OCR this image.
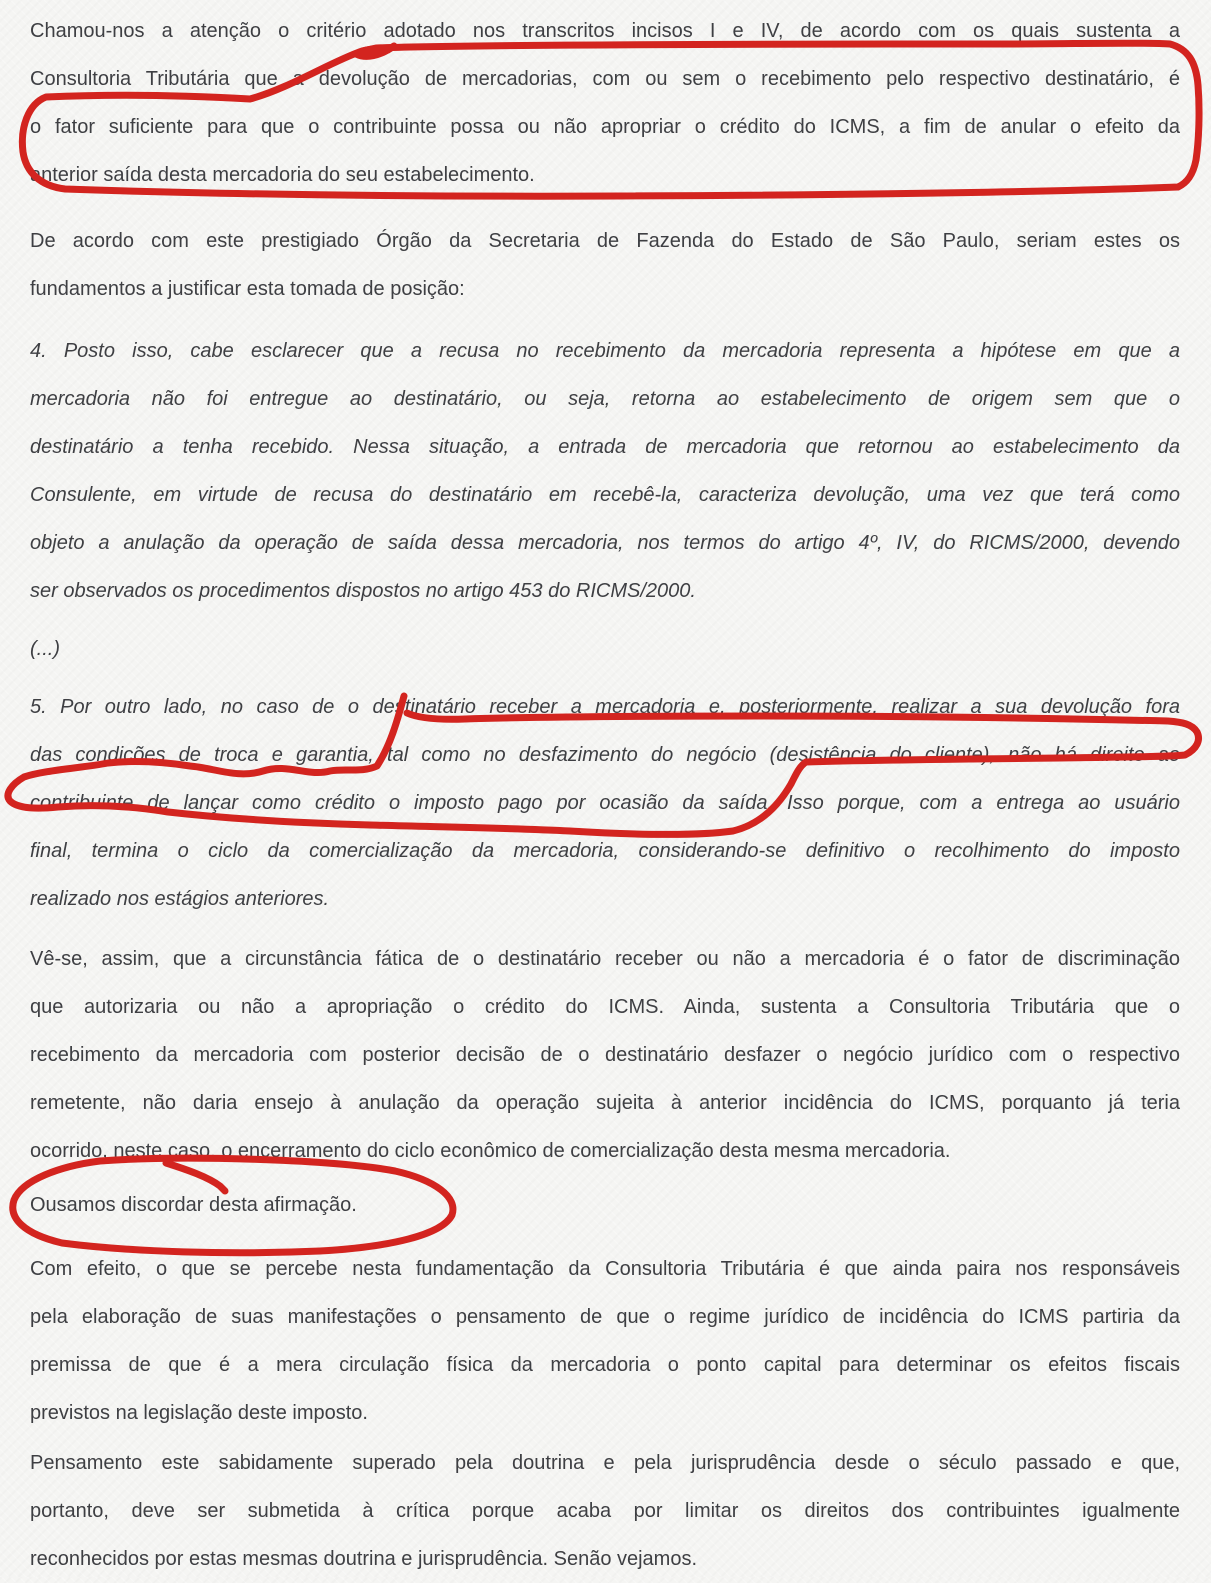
Chamou-nos a atenção o critério adotado nos transcritos incisos I e IV, de acordo com os quais sustenta a
Consultoria Tributária que a devolução de mercadorias, com ou sem o recebimento pelo respectivo destinatário, é
o fator suficiente para que o contribuinte possa ou não apropriar o crédito do ICMS, a fim de anular o efeito da
anterior saída desta mercadoria do seu estabelecimento.
De acordo com este prestigiado Órgão da Secretaria de Fazenda do Estado de São Paulo, seriam estes os
fundamentos a justificar esta tomada de posição:
4. Posto isso, cabe esclarecer que a recusa no recebimento da mercadoria representa a hipótese em que a
mercadoria não foi entregue ao destinatário, ou seja, retorna ao estabelecimento de origem sem que o
destinatário a tenha recebido. Nessa situação, a entrada de mercadoria que retornou ao estabelecimento da
Consulente, em virtude de recusa do destinatário em recebê-la, caracteriza devolução, uma vez que terá como
objeto a anulação da operação de saída dessa mercadoria, nos termos do artigo 4º, IV, do RICMS/2000, devendo
ser observados os procedimentos dispostos no artigo 453 do RICMS/2000.
(...)
5. Por outro lado, no caso de o destinatário receber a mercadoria e, posteriormente, realizar a sua devolução fora
das condições de troca e garantia, tal como no desfazimento do negócio (desistência do cliente), não há direito ao
contribuinte de lançar como crédito o imposto pago por ocasião da saída. Isso porque, com a entrega ao usuário
final, termina o ciclo da comercialização da mercadoria, considerando-se definitivo o recolhimento do imposto
realizado nos estágios anteriores.
Vê-se, assim, que a circunstância fática de o destinatário receber ou não a mercadoria é o fator de discriminação
que autorizaria ou não a apropriação o crédito do ICMS. Ainda, sustenta a Consultoria Tributária que o
recebimento da mercadoria com posterior decisão de o destinatário desfazer o negócio jurídico com o respectivo
remetente, não daria ensejo à anulação da operação sujeita à anterior incidência do ICMS, porquanto já teria
ocorrido, neste caso, o encerramento do ciclo econômico de comercialização desta mesma mercadoria.
Ousamos discordar desta afirmação.
Com efeito, o que se percebe nesta fundamentação da Consultoria Tributária é que ainda paira nos responsáveis
pela elaboração de suas manifestações o pensamento de que o regime jurídico de incidência do ICMS partiria da
premissa de que é a mera circulação física da mercadoria o ponto capital para determinar os efeitos fiscais
previstos na legislação deste imposto.
Pensamento este sabidamente superado pela doutrina e pela jurisprudência desde o século passado e que,
portanto, deve ser submetida à crítica porque acaba por limitar os direitos dos contribuintes igualmente
reconhecidos por estas mesmas doutrina e jurisprudência. Senão vejamos.
